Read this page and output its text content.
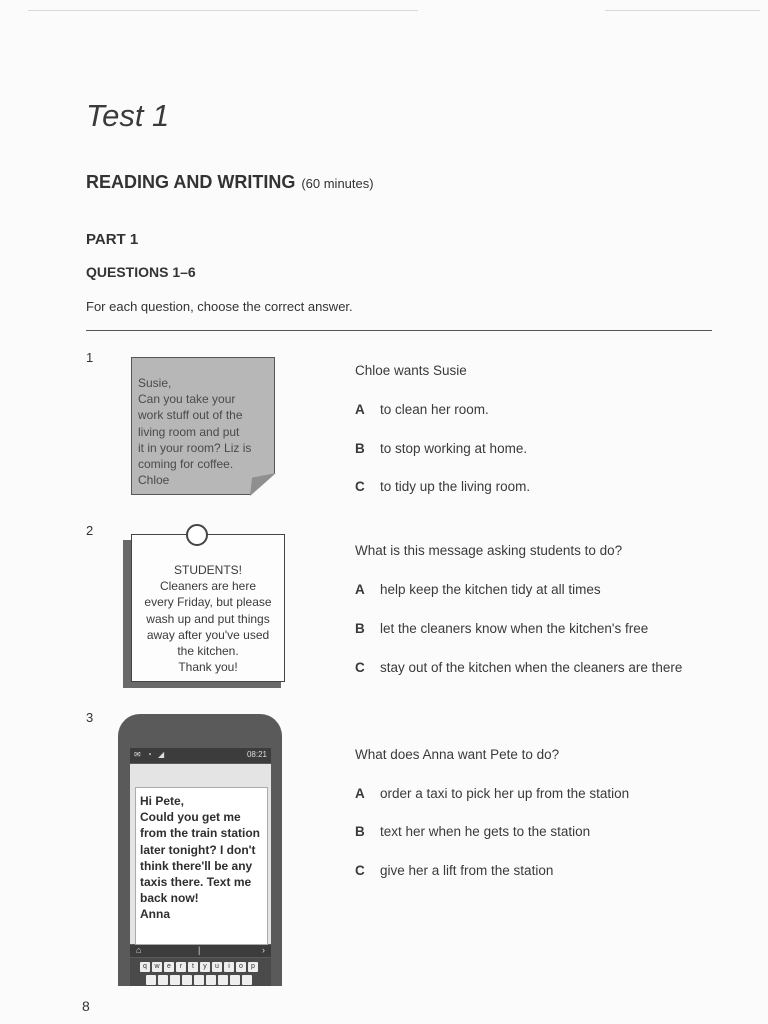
Test 1
READING AND WRITING (60 minutes)
PART 1
QUESTIONS 1–6
For each question, choose the correct answer.
1
Susie,
Can you take your
work stuff out of the
living room and put
it in your room? Liz is
coming for coffee.
Chloe
Chloe wants Susie
A to clean her room.
B to stop working at home.
C to tidy up the living room.
2
STUDENTS!
Cleaners are here
every Friday, but please
wash up and put things
away after you've used
the kitchen.
Thank you!
What is this message asking students to do?
A help keep the kitchen tidy at all times
B let the cleaners know when the kitchen's free
C stay out of the kitchen when the cleaners are there
3
✉ ◔ ◢	08:21
Hi Pete,
Could you get me
from the train station
later tonight? I don't
think there'll be any
taxis there. Text me
back now!
Anna
⌂	|	›
q	w	e	r	t	y	u	i	o	p
What does Anna want Pete to do?
A order a taxi to pick her up from the station
B text her when he gets to the station
C give her a lift from the station
8
